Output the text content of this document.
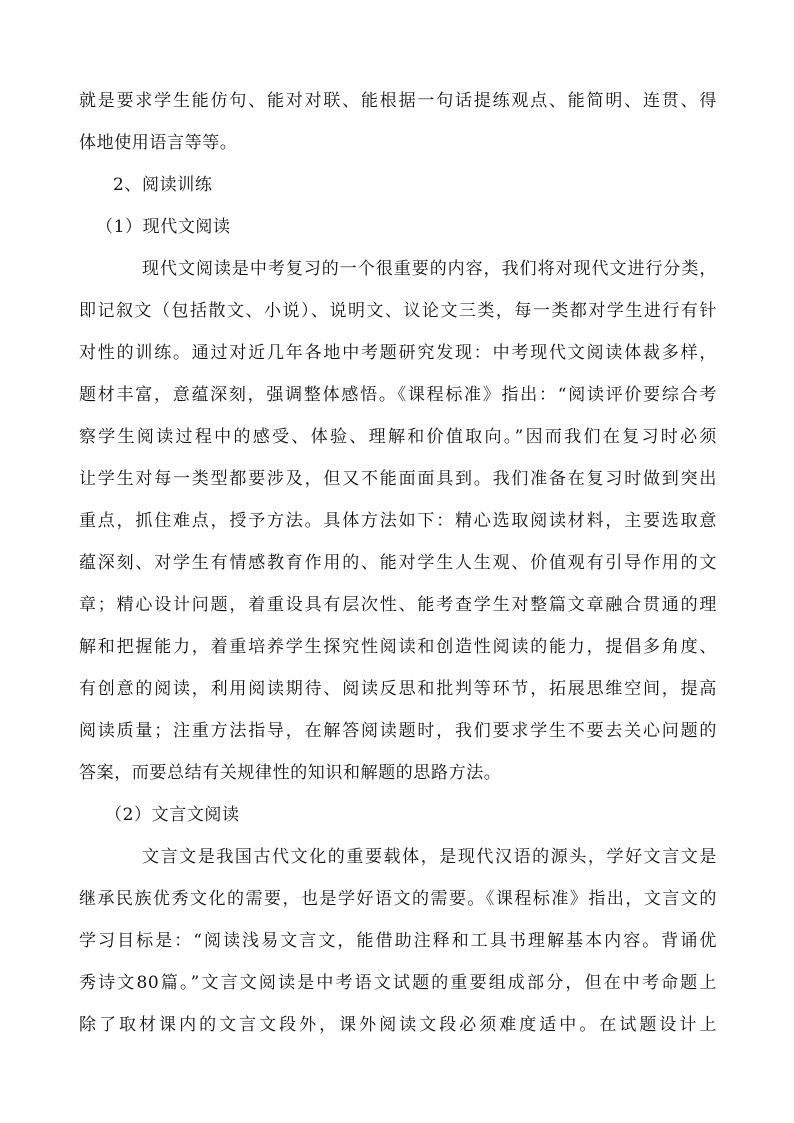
就是要求学生能仿句、能对对联、能根据一句话提练观点、能简明、连贯、得
体地使用语言等等。
2、阅读训练
（1）现代文阅读
现代文阅读是中考复习的一个很重要的内容，我们将对现代文进行分类，
即记叙文（包括散文、小说）、说明文、议论文三类，每一类都对学生进行有针
对性的训练。通过对近几年各地中考题研究发现：中考现代文阅读体裁多样，
题材丰富，意蕴深刻，强调整体感悟。《课程标准》指出：“阅读评价要综合考
察学生阅读过程中的感受、体验、理解和价值取向。”因而我们在复习时必须
让学生对每一类型都要涉及，但又不能面面具到。我们准备在复习时做到突出
重点，抓住难点，授予方法。具体方法如下：精心选取阅读材料，主要选取意
蕴深刻、对学生有情感教育作用的、能对学生人生观、价值观有引导作用的文
章；精心设计问题，着重设具有层次性、能考查学生对整篇文章融合贯通的理
解和把握能力，着重培养学生探究性阅读和创造性阅读的能力，提倡多角度、
有创意的阅读，利用阅读期待、阅读反思和批判等环节，拓展思维空间，提高
阅读质量；注重方法指导，在解答阅读题时，我们要求学生不要去关心问题的
答案，而要总结有关规律性的知识和解题的思路方法。
（2）文言文阅读
文言文是我国古代文化的重要载体，是现代汉语的源头，学好文言文是
继承民族优秀文化的需要，也是学好语文的需要。《课程标准》指出，文言文的
学习目标是：“阅读浅易文言文，能借助注释和工具书理解基本内容。背诵优
秀诗文80篇。”文言文阅读是中考语文试题的重要组成部分，但在中考命题上
除了取材课内的文言文段外，课外阅读文段必须难度适中。在试题设计上
